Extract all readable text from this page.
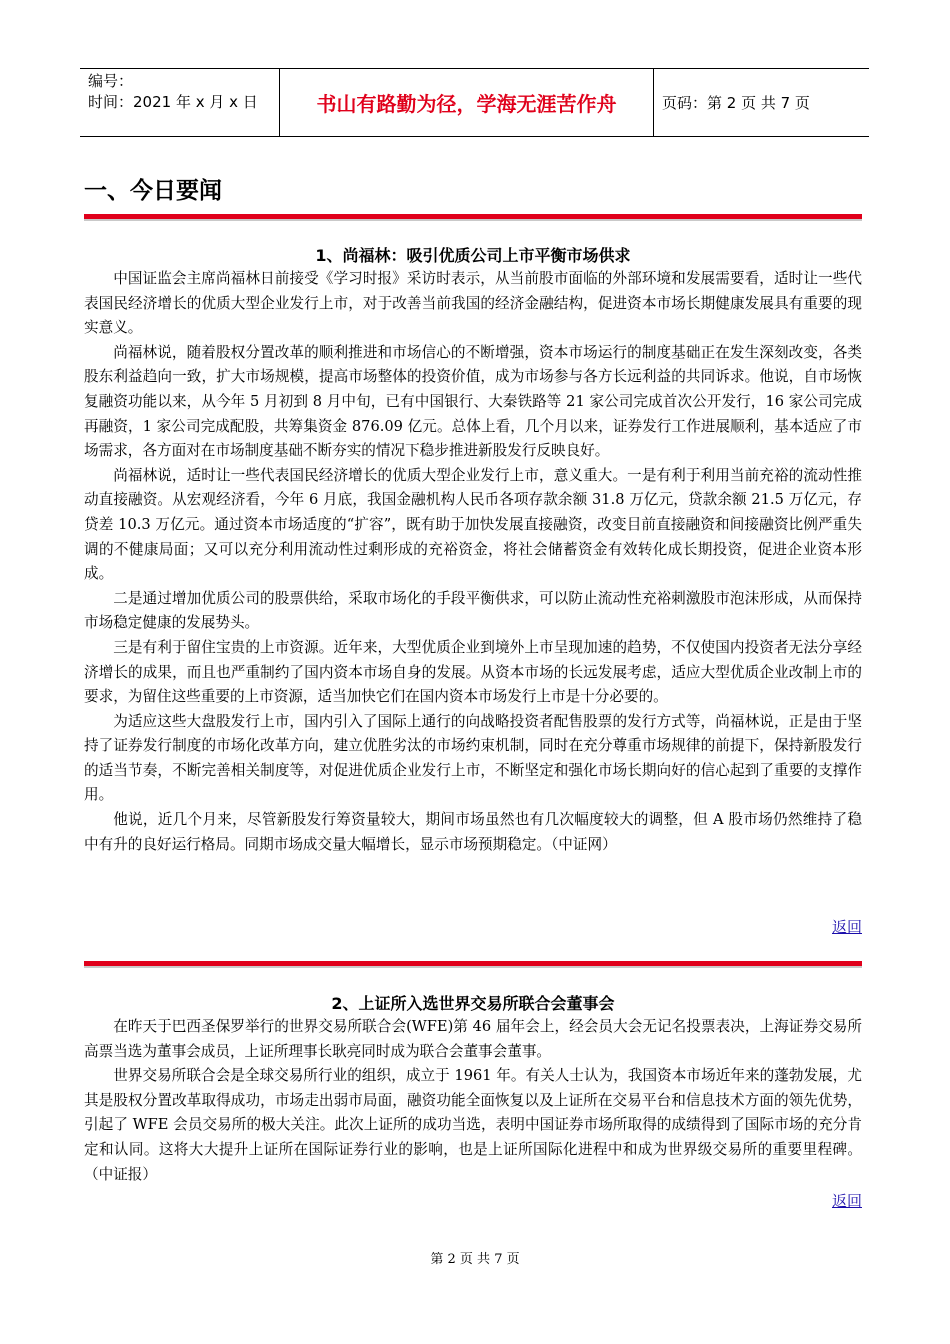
编号：
时间：2021 年 x 月 x 日	书山有路勤为径，学海无涯苦作舟	页码：第 2 页 共 7 页
一、今日要闻
1、尚福林：吸引优质公司上市平衡市场供求

中国证监会主席尚福林日前接受《学习时报》采访时表示，从当前股市面临的外部环境和发展需要看，适时让一些代表国民经济增长的优质大型企业发行上市，对于改善当前我国的经济金融结构，促进资本市场长期健康发展具有重要的现实意义。

尚福林说，随着股权分置改革的顺利推进和市场信心的不断增强，资本市场运行的制度基础正在发生深刻改变，各类股东利益趋向一致，扩大市场规模，提高市场整体的投资价值，成为市场参与各方长远利益的共同诉求。他说，自市场恢复融资功能以来，从今年 5 月初到 8 月中旬，已有中国银行、大秦铁路等 21 家公司完成首次公开发行，16 家公司完成再融资，1 家公司完成配股，共筹集资金 876.09 亿元。总体上看，几个月以来，证券发行工作进展顺利，基本适应了市场需求，各方面对在市场制度基础不断夯实的情况下稳步推进新股发行反映良好。

尚福林说，适时让一些代表国民经济增长的优质大型企业发行上市，意义重大。一是有利于利用当前充裕的流动性推动直接融资。从宏观经济看，今年 6 月底，我国金融机构人民币各项存款余额 31.8 万亿元，贷款余额 21.5 万亿元，存贷差 10.3 万亿元。通过资本市场适度的“扩容”，既有助于加快发展直接融资，改变目前直接融资和间接融资比例严重失调的不健康局面；又可以充分利用流动性过剩形成的充裕资金，将社会储蓄资金有效转化成长期投资，促进企业资本形成。

二是通过增加优质公司的股票供给，采取市场化的手段平衡供求，可以防止流动性充裕刺激股市泡沫形成，从而保持市场稳定健康的发展势头。

三是有利于留住宝贵的上市资源。近年来，大型优质企业到境外上市呈现加速的趋势，不仅使国内投资者无法分享经济增长的成果，而且也严重制约了国内资本市场自身的发展。从资本市场的长远发展考虑，适应大型优质企业改制上市的要求，为留住这些重要的上市资源，适当加快它们在国内资本市场发行上市是十分必要的。

为适应这些大盘股发行上市，国内引入了国际上通行的向战略投资者配售股票的发行方式等，尚福林说，正是由于坚持了证券发行制度的市场化改革方向，建立优胜劣汰的市场约束机制，同时在充分尊重市场规律的前提下，保持新股发行的适当节奏，不断完善相关制度等，对促进优质企业发行上市，不断坚定和强化市场长期向好的信心起到了重要的支撑作用。

他说，近几个月来，尽管新股发行筹资量较大，期间市场虽然也有几次幅度较大的调整，但 A 股市场仍然维持了稳中有升的良好运行格局。同期市场成交量大幅增长，显示市场预期稳定。（中证网）

返回
2、上证所入选世界交易所联合会董事会

在昨天于巴西圣保罗举行的世界交易所联合会(WFE)第 46 届年会上，经会员大会无记名投票表决，上海证券交易所高票当选为董事会成员，上证所理事长耿亮同时成为联合会董事会董事。

世界交易所联合会是全球交易所行业的组织，成立于 1961 年。有关人士认为，我国资本市场近年来的蓬勃发展，尤其是股权分置改革取得成功，市场走出弱市局面，融资功能全面恢复以及上证所在交易平台和信息技术方面的领先优势，引起了 WFE 会员交易所的极大关注。此次上证所的成功当选，表明中国证券市场所取得的成绩得到了国际市场的充分肯定和认同。这将大大提升上证所在国际证券行业的影响，也是上证所国际化进程中和成为世界级交易所的重要里程碑。（中证报）

返回
第 2 页 共 7 页
